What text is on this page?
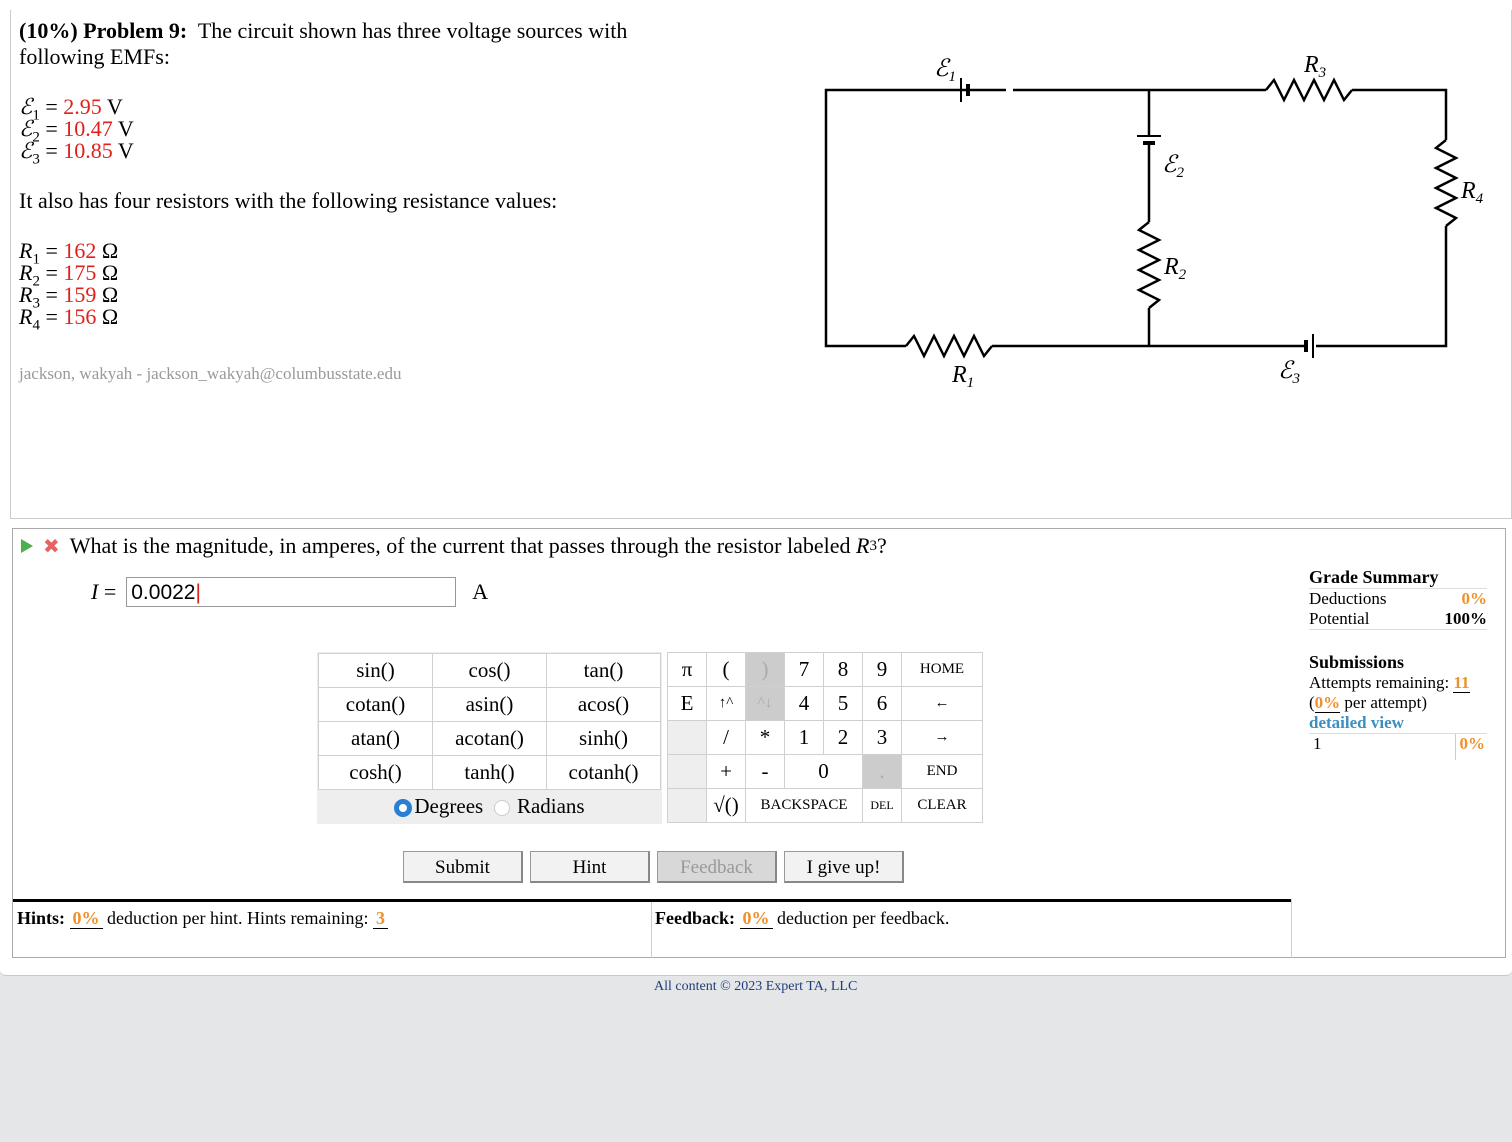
(10%) Problem 9: The circuit shown has three voltage sources with
following EMFs:

ℰ$_1$ = 2.95 V
ℰ$_2$ = 10.47 V
ℰ$_3$ = 10.85 V

It also has four resistors with the following resistance values:

$R_1 = 162$ Ω
$R_2 = 175$ Ω
$R_3 = 159$ Ω
$R_4 = 156$ Ω
jackson, wakyah - jackson_wakyah@columbusstate.edu
ℰ$_1$	$R_3$
$R_4$
ℰ$_2$
$R_2$
$R_1$	ℰ$_3$
✖ What is the magnitude, in amperes, of the current that passes through the resistor labeled
R 3 ?
I
= 0.0022|	A
sin()	cos()	tan()
cotan()	asin()	acos()
atan()	acotan()	sinh()
cosh()	tanh()	cotanh()
Degrees Radians		
π	(	)	7	8	9	HOME
E	↑^	^↓	4	5	6	←
	/	*	1	2	3	→
	+	-	0		.	END
	√()	BACKSPACE			DEL	CLEAR
Submit	Hint	Feedback	I give up!
Hints: 0% deduction per hint. Hints remaining: 3	Feedback: 0% deduction per feedback.
Grade Summary
Deductions	0%
Potential	100%
Submissions
Attempts remaining: 11
(0% per attempt)
detailed view
1	0%
All content © 2023 Expert TA, LLC
